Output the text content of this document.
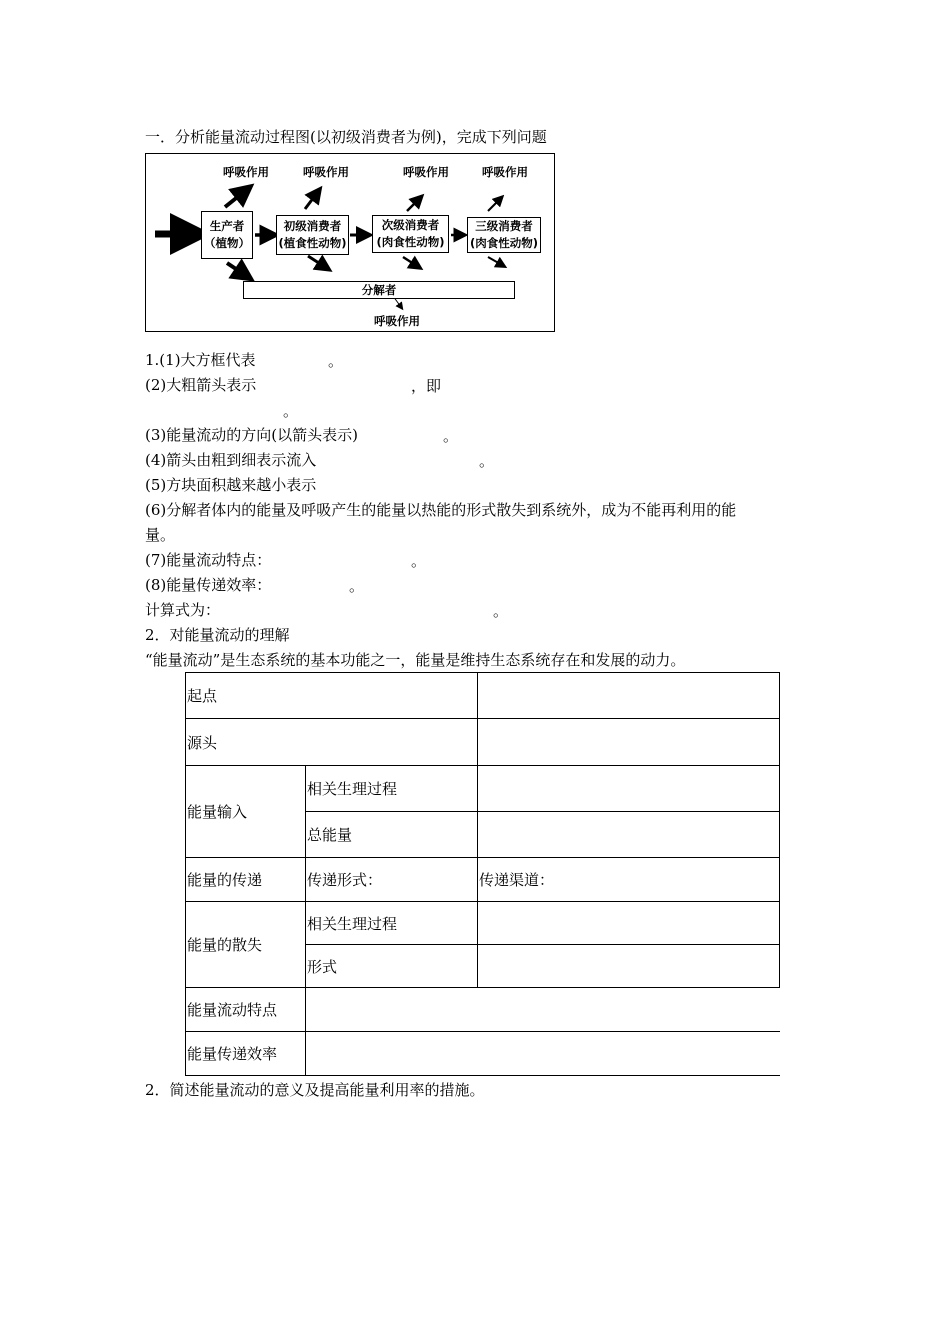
一．分析能量流动过程图(以初级消费者为例)，完成下列问题
呼吸作用	呼吸作用	呼吸作用	呼吸作用
生产者
（植物）
初级消费者
(植食性动物)
次级消费者
(肉食性动物)
三级消费者
(肉食性动物)
分解者
呼吸作用
1.(1)大方框代表	。
(2)大粗箭头表示	，即
。
(3)能量流动的方向(以箭头表示)	。
(4)箭头由粗到细表示流入	。
(5)方块面积越来越小表示
(6)分解者体内的能量及呼吸产生的能量以热能的形式散失到系统外，成为不能再利用的能
量。
(7)能量流动特点：	。
(8)能量传递效率：	。
计算式为：	。
2．对能量流动的理解
“能量流动”是生态系统的基本功能之一，能量是维持生态系统存在和发展的动力。
起点		
源头		
能量输入	相关生理过程	
	总能量	
能量的传递	传递形式：	传递渠道：
能量的散失	相关生理过程	
	形式	
能量流动特点		
能量传递效率		
2．简述能量流动的意义及提高能量利用率的措施。
